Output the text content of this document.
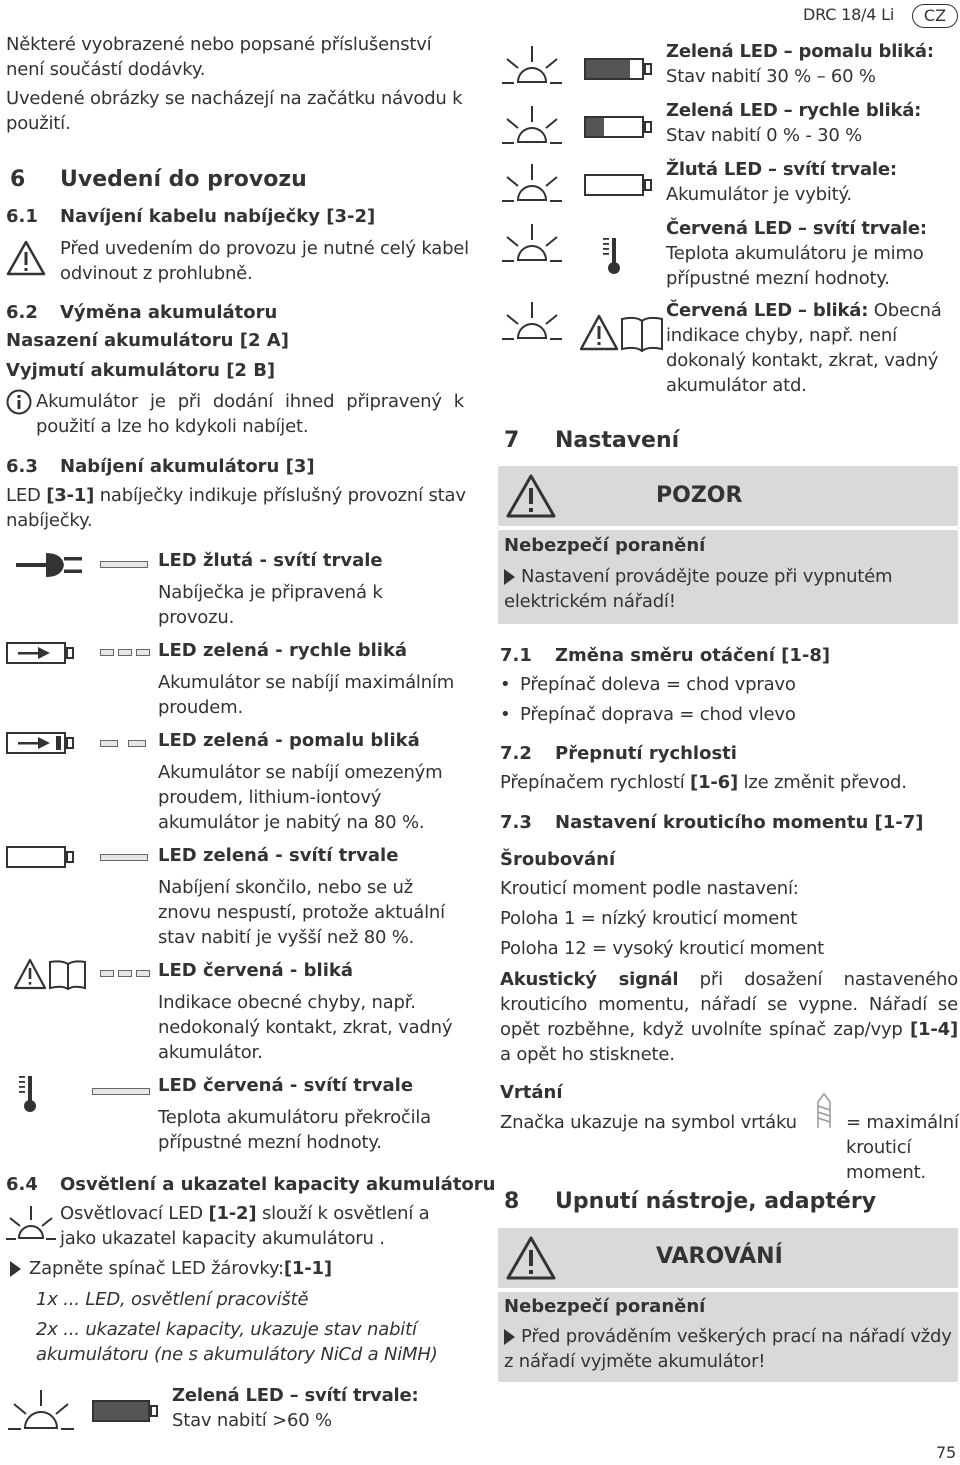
DRC 18/4 Li	CZ
Některé vyobrazené nebo popsané příslušenství není součástí dodávky.
Uvedené obrázky se nacházejí na začátku návodu k použití.
6 Uvedení do provozu
6.1 Navíjení kabelu nabíječky [3-2]
Před uvedením do provozu je nutné celý kabel odvinout z prohlubně.
6.2 Výměna akumulátoru
Nasazení akumulátoru [2 A]
Vyjmutí akumulátoru [2 B]
Akumulátor je při dodání ihned připravený k použití a lze ho kdykoli nabíjet.
6.3 Nabíjení akumulátoru [3]
LED [3-1] nabíječky indikuje příslušný provozní stav nabíječky.
LED žlutá - svítí trvale
Nabíječka je připravená k provozu.
LED zelená - rychle bliká
Akumulátor se nabíjí maximálním proudem.
LED zelená - pomalu bliká
Akumulátor se nabíjí omezeným proudem, lithium-iontový akumulátor je nabitý na 80 %.
LED zelená - svítí trvale
Nabíjení skončilo, nebo se už znovu nespustí, protože aktuální stav nabití je vyšší než 80 %.
LED červená - bliká
Indikace obecné chyby, např. nedokonalý kontakt, zkrat, vadný akumulátor.
LED červená - svítí trvale
Teplota akumulátoru překročila přípustné mezní hodnoty.
6.4 Osvětlení a ukazatel kapacity akumulátoru
Osvětlovací LED [1-2] slouží k osvětlení a jako ukazatel kapacity akumulátoru .
Zapněte spínač LED žárovky:[1-1]
1x ... LED, osvětlení pracoviště
2x ... ukazatel kapacity, ukazuje stav nabití akumulátoru (ne s akumulátory NiCd a NiMH)
Zelená LED – svítí trvale: Stav nabití >60 %
Zelená LED – pomalu bliká:
Stav nabití 30 % – 60 %
Zelená LED – rychle bliká: Stav nabití 0 % - 30 %
Žlutá LED – svítí trvale: Akumulátor je vybitý.
Červená LED – svítí trvale: Teplota akumulátoru je mimo přípustné mezní hodnoty.
Červená LED – bliká: Obecná indikace chyby, např. není dokonalý kontakt, zkrat, vadný akumulátor atd.
7 Nastavení
POZOR
Nebezpečí poranění
Nastavení provádějte pouze při vypnutém elektrickém nářadí!
7.1 Změna směru otáčení [1-8]
• Přepínač doleva = chod vpravo
• Přepínač doprava = chod vlevo
7.2 Přepnutí rychlosti
Přepínačem rychlostí [1-6] lze změnit převod.
7.3 Nastavení krouticího momentu [1-7]
Šroubování
Krouticí moment podle nastavení:
Poloha 1 = nízký krouticí moment
Poloha 12 = vysoký krouticí moment
Akustický signál při dosažení nastaveného krouticího momentu, nářadí se vypne. Nářadí se opět rozběhne, když uvolníte spínač zap/vyp [1-4] a opět ho stisknete.
Vrtání
Značka ukazuje na symbol vrtáku	= maximální krouticí moment.
8 Upnutí nástroje, adaptéry
VAROVÁNÍ
Nebezpečí poranění
Před prováděním veškerých prací na nářadí vždy z nářadí vyjměte akumulátor!
75
